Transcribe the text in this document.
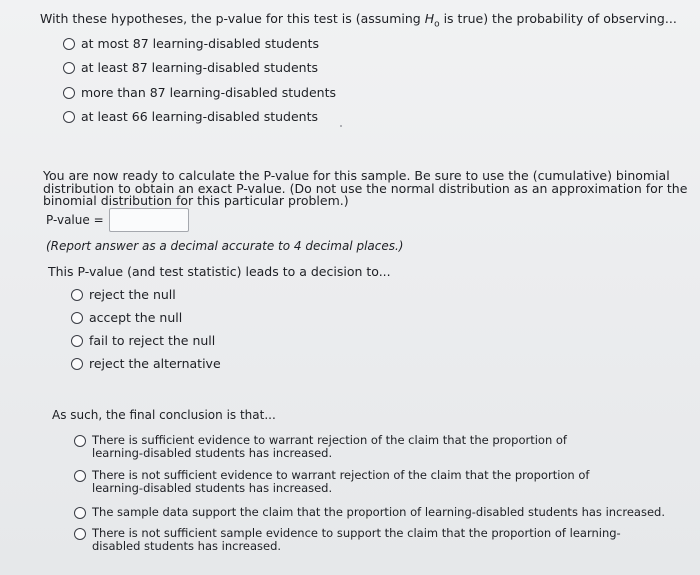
With these hypotheses, the p-value for this test is (assuming $H_o$ is true) the probability of observing...
at most 87 learning-disabled students
at least 87 learning-disabled students
more than 87 learning-disabled students
at least 66 learning-disabled students
You are now ready to calculate the P-value for this sample. Be sure to use the (cumulative) binomial
distribution to obtain an exact P-value. (Do not use the normal distribution as an approximation for the
binomial distribution for this particular problem.)
P-value =
(Report answer as a decimal accurate to 4 decimal places.)
This P-value (and test statistic) leads to a decision to...
reject the null
accept the null
fail to reject the null
reject the alternative
As such, the final conclusion is that...
There is sufficient evidence to warrant rejection of the claim that the proportion of learning-disabled students has increased.
There is not sufficient evidence to warrant rejection of the claim that the proportion of learning-disabled students has increased.
The sample data support the claim that the proportion of learning-disabled students has increased.
There is not sufficient sample evidence to support the claim that the proportion of learning-disabled students has increased.
